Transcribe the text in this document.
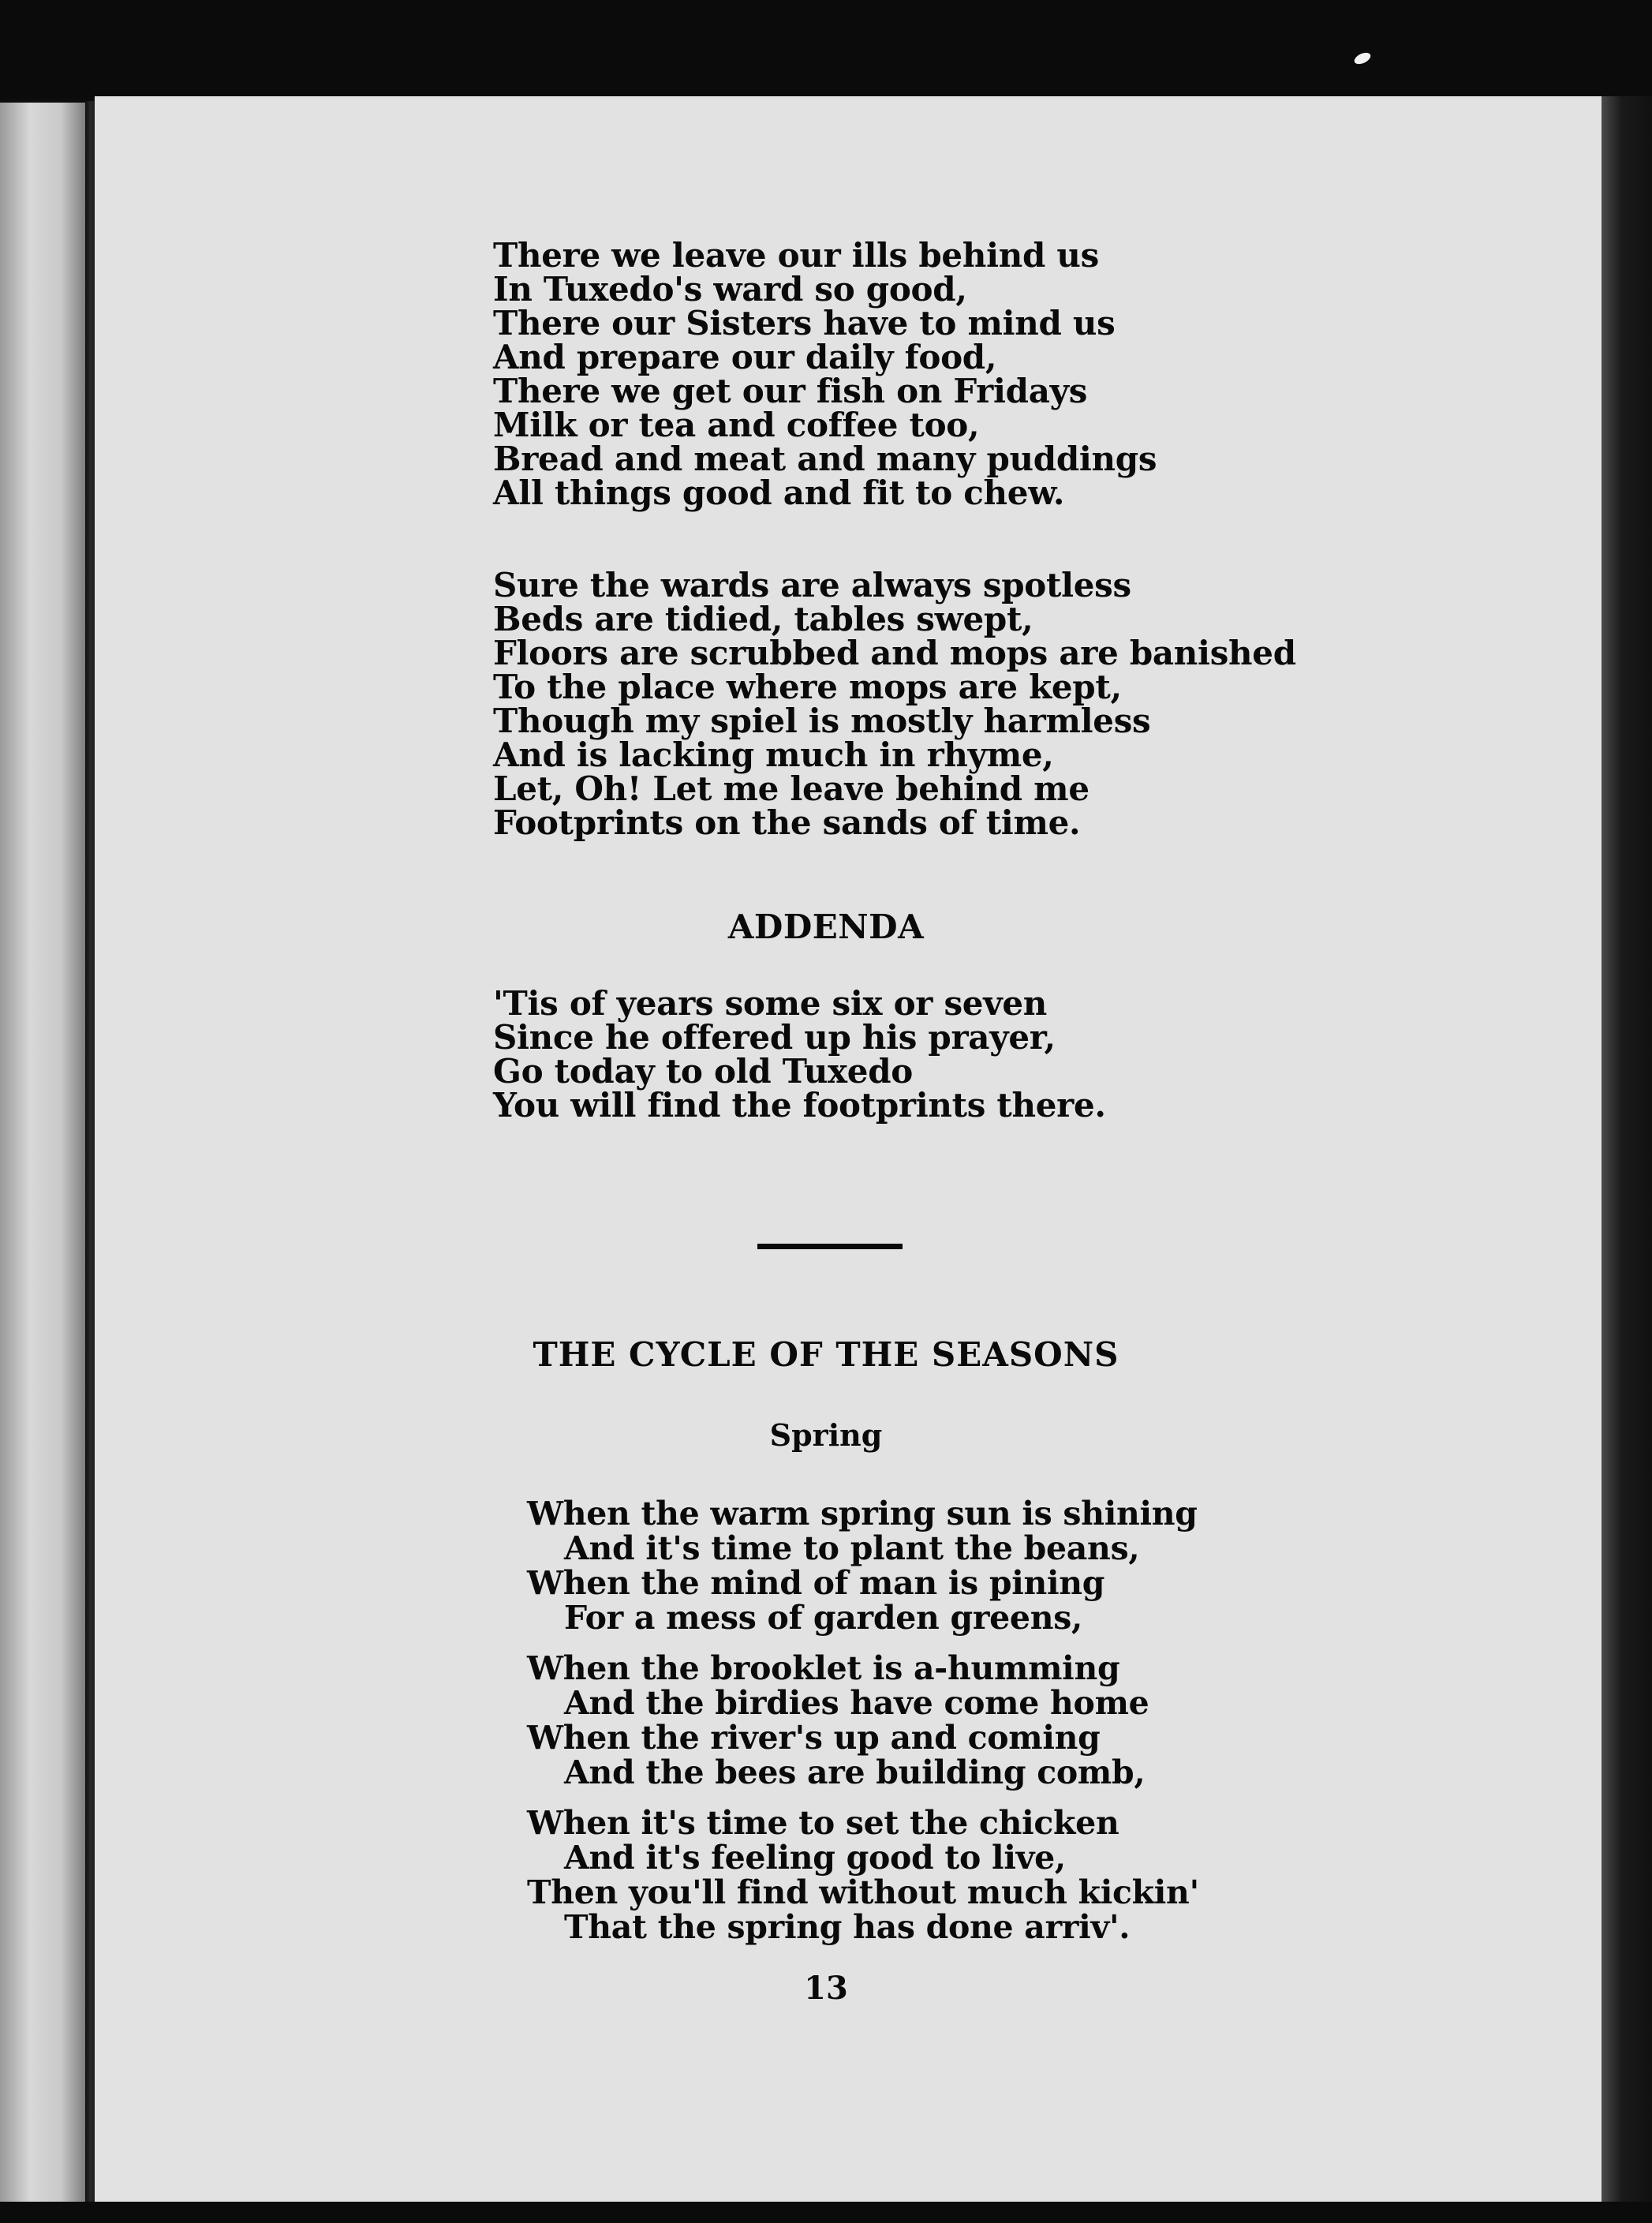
There we leave our ills behind us
In Tuxedo's ward so good,
There our Sisters have to mind us
And prepare our daily food,
There we get our fish on Fridays
Milk or tea and coffee too,
Bread and meat and many puddings
All things good and fit to chew.
Sure the wards are always spotless
Beds are tidied, tables swept,
Floors are scrubbed and mops are banished
To the place where mops are kept,
Though my spiel is mostly harmless
And is lacking much in rhyme,
Let, Oh! Let me leave behind me
Footprints on the sands of time.
ADDENDA
'Tis of years some six or seven
Since he offered up his prayer,
Go today to old Tuxedo
You will find the footprints there.
THE CYCLE OF THE SEASONS
Spring
When the warm spring sun is shining
And it's time to plant the beans,
When the mind of man is pining
For a mess of garden greens,
When the brooklet is a-humming
And the birdies have come home
When the river's up and coming
And the bees are building comb,
When it's time to set the chicken
And it's feeling good to live,
Then you'll find without much kickin'
That the spring has done arriv'.
13
